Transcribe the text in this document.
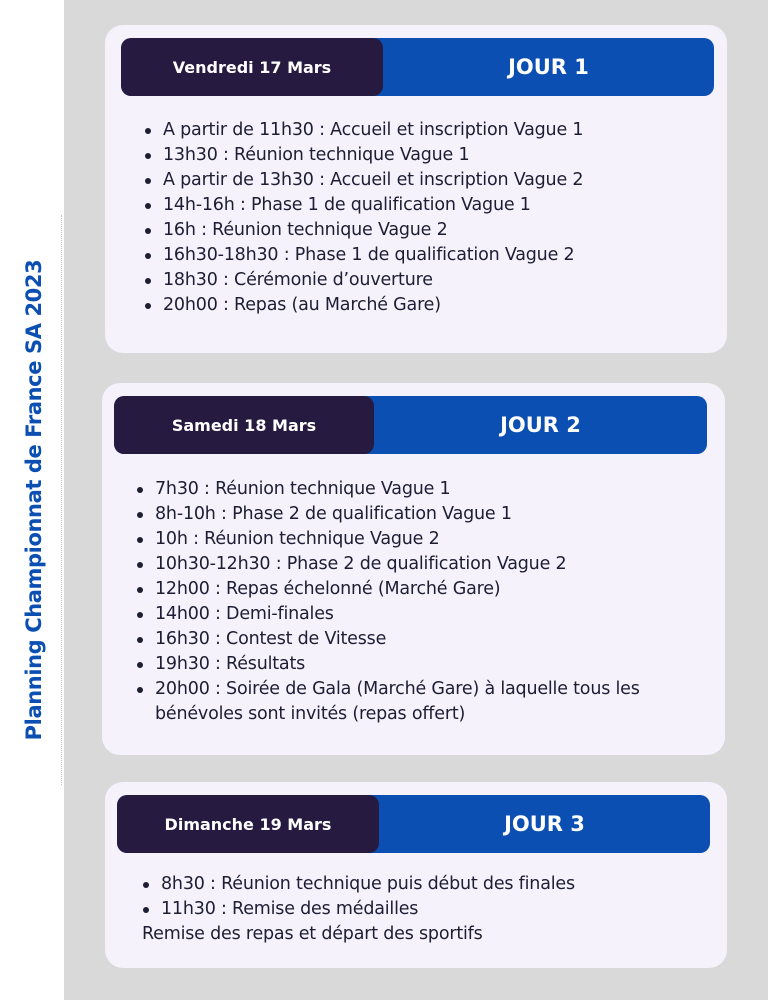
Planning Championnat de France SA 2023
Vendredi 17 Mars	JOUR 1
A partir de 11h30 : Accueil et inscription Vague 1
13h30 : Réunion technique Vague 1
A partir de 13h30 : Accueil et inscription Vague 2
14h-16h : Phase 1 de qualification Vague 1
16h : Réunion technique Vague 2
16h30-18h30 : Phase 1 de qualification Vague 2
18h30 : Cérémonie d’ouverture
20h00 : Repas (au Marché Gare)
Samedi 18 Mars	JOUR 2
7h30 : Réunion technique Vague 1
8h-10h : Phase 2 de qualification Vague 1
10h : Réunion technique Vague 2
10h30-12h30 : Phase 2 de qualification Vague 2
12h00 : Repas échelonné (Marché Gare)
14h00 : Demi-finales
16h30 : Contest de Vitesse
19h30 : Résultats
20h00 : Soirée de Gala (Marché Gare) à laquelle tous les bénévoles sont invités (repas offert)
Dimanche 19 Mars	JOUR 3
8h30 : Réunion technique puis début des finales
11h30 : Remise des médailles
Remise des repas et départ des sportifs
